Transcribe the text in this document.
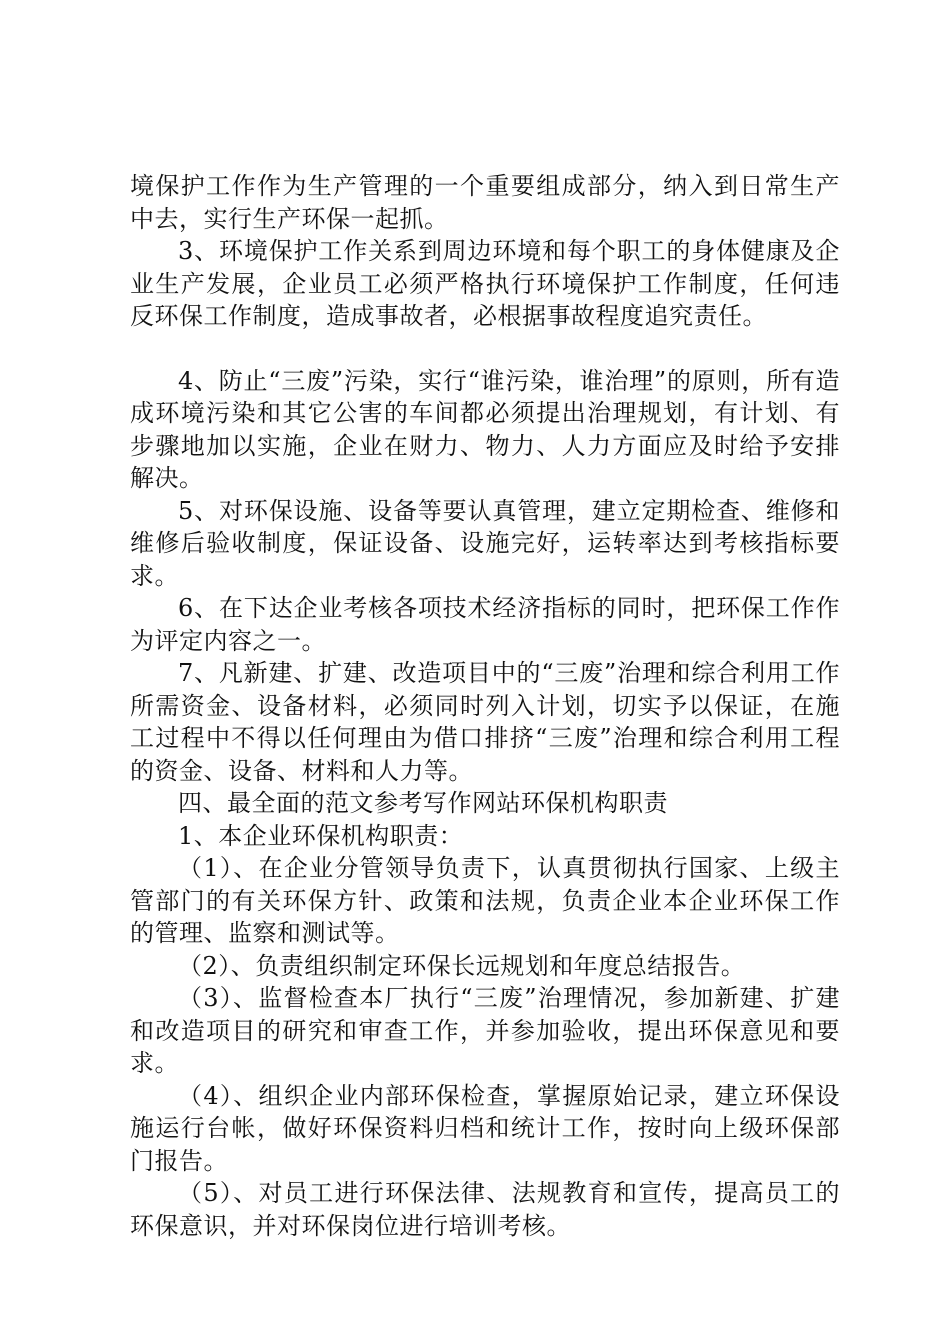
境保护工作作为生产管理的一个重要组成部分，纳入到日常生产中去，实行生产环保一起抓。

3、环境保护工作关系到周边环境和每个职工的身体健康及企业生产发展，企业员工必须严格执行环境保护工作制度，任何违反环保工作制度，造成事故者，必根据事故程度追究责任。

4、防止“三废”污染，实行“谁污染，谁治理”的原则，所有造成环境污染和其它公害的车间都必须提出治理规划，有计划、有步骤地加以实施，企业在财力、物力、人力方面应及时给予安排解决。

5、对环保设施、设备等要认真管理，建立定期检查、维修和维修后验收制度，保证设备、设施完好，运转率达到考核指标要求。

6、在下达企业考核各项技术经济指标的同时，把环保工作作为评定内容之一。

7、凡新建、扩建、改造项目中的“三废”治理和综合利用工作所需资金、设备材料，必须同时列入计划，切实予以保证，在施工过程中不得以任何理由为借口排挤“三废”治理和综合利用工程的资金、设备、材料和人力等。

四、最全面的范文参考写作网站环保机构职责

1、本企业环保机构职责：

（1）、在企业分管领导负责下，认真贯彻执行国家、上级主管部门的有关环保方针、政策和法规，负责企业本企业环保工作的管理、监察和测试等。

（2）、负责组织制定环保长远规划和年度总结报告。

（3）、监督检查本厂执行“三废”治理情况，参加新建、扩建和改造项目的研究和审查工作，并参加验收，提出环保意见和要求。

（4）、组织企业内部环保检查，掌握原始记录，建立环保设施运行台帐，做好环保资料归档和统计工作，按时向上级环保部门报告。

（5）、对员工进行环保法律、法规教育和宣传，提高员工的环保意识，并对环保岗位进行培训考核。
